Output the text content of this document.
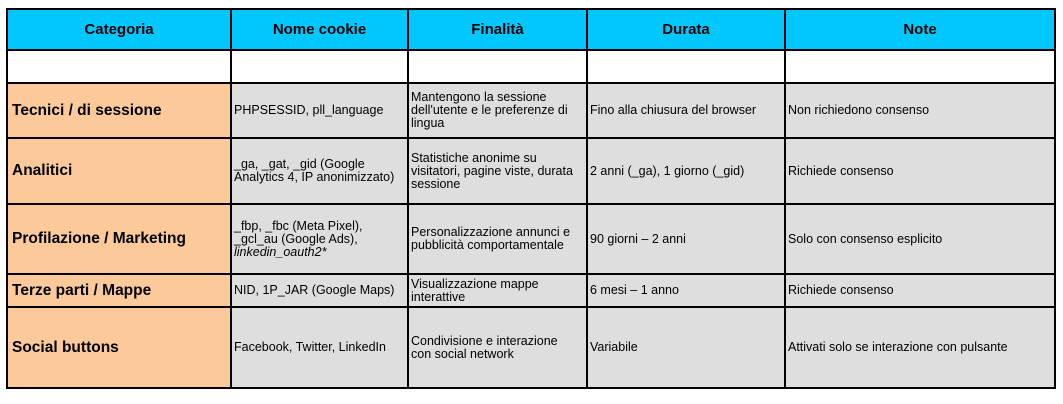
Categoria	Nome cookie	Finalità	Durata	Note

Tecnici / di sessione	PHPSESSID, pll_language	Mantengono la sessione
dell'utente e le preferenze di
lingua	Fino alla chiusura del browser	Non richiedono consenso
Analitici	_ga, _gat, _gid (Google
Analytics 4, IP anonimizzato)	Statistiche anonime su
visitatori, pagine viste, durata
sessione	2 anni (_ga), 1 giorno (_gid)	Richiede consenso
Profilazione / Marketing	_fbp, _fbc (Meta Pixel),
_gcl_au (Google Ads),
linkedin_oauth2*	Personalizzazione annunci e
pubblicità comportamentale	90 giorni – 2 anni	Solo con consenso esplicito
Terze parti / Mappe	NID, 1P_JAR (Google Maps)	Visualizzazione mappe
interattive	6 mesi – 1 anno	Richiede consenso
Social buttons	Facebook, Twitter, LinkedIn	Condivisione e interazione
con social network	Variabile	Attivati solo se interazione con pulsante
